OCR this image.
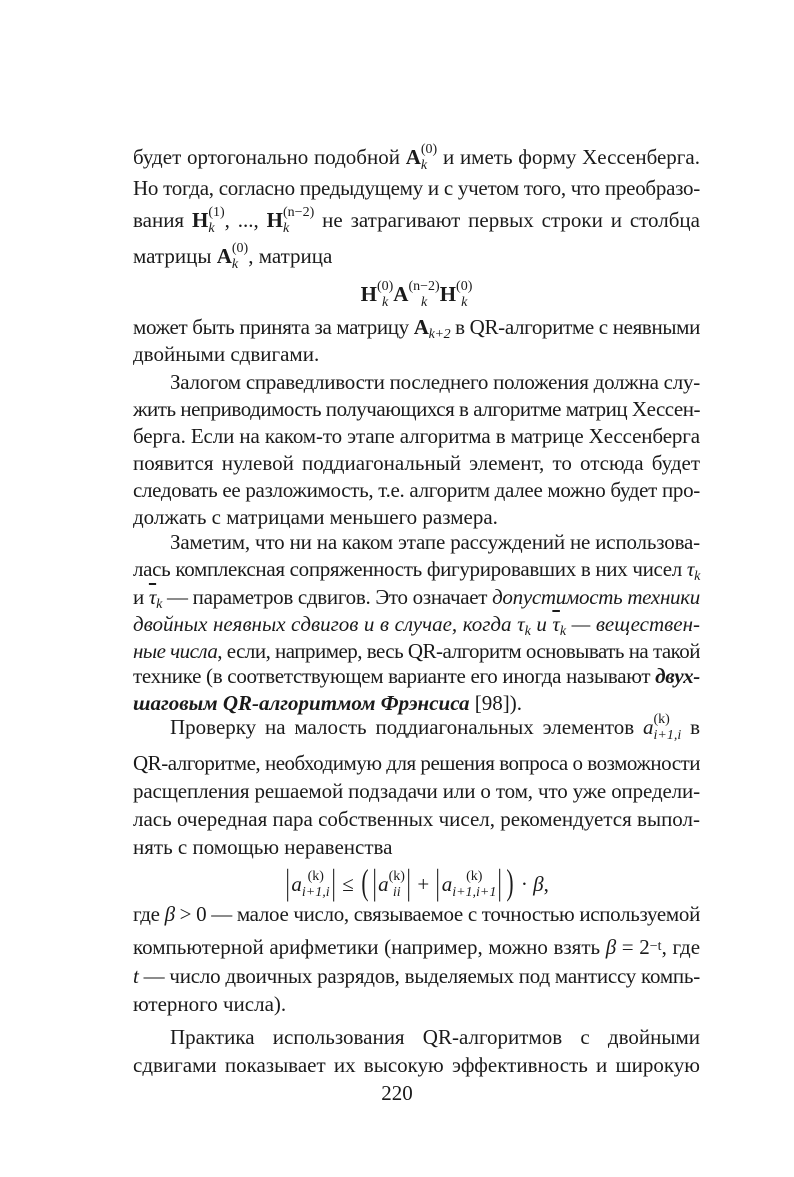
будет ортогонально подобной A (0)
k и иметь форму Хессенберга.
Но тогда, согласно предыдущему и с учетом того, что преобразо-
вания H (1)
k , ..., H (n−2)
k	не затрагивают первых строки и столбца
матрицы A (0)
k , матрица
H (0)
k A (n−2)
k H (0)
k
может быть принята за матрицу Ak+2 в QR-алгоритме с неявными
двойными сдвигами.
Залогом справедливости последнего положения должна слу-
жить неприводимость получающихся в алгоритме матриц Хессен-
берга. Если на каком-то этапе алгоритма в матрице Хессенберга
появится нулевой поддиагональный элемент, то отсюда будет
следовать ее разложимость, т.е. алгоритм далее можно будет про-
должать с матрицами меньшего размера.
Заметим, что ни на каком этапе рассуждений не использова-
лась комплексная сопряженность фигурировавших в них чисел τk
и $\overline{\tau}k$ — параметров сдвигов. Это означает допустимость техники
двойных неявных сдвигов и в случае, когда τk и $\overline{\tau}k$ — веществен-
ные числа, если, например, весь QR-алгоритм основывать на такой
технике (в соответствующем варианте его иногда называют двух-
шаговым QR-алгоритмом Фрэнсиса [98]).
Проверку на малость поддиагональных элементов a (k)
i+1,i в
QR-алгоритме, необходимую для решения вопроса о возможности
расщепления решаемой подзадачи или о том, что уже определи-
лась очередная пара собственных чисел, рекомендуется выпол-
нять с помощью неравенства
|a (k)
i+1,i | ≤ ( |a (k)
ii | + |a (k)
i+1,i+1 | ) · β,
где β > 0 — малое число, связываемое с точностью используемой
компьютерной арифметики (например, можно взять β = 2 −t , где
t — число двоичных разрядов, выделяемых под мантиссу компь-
ютерного числа).
Практика использования QR-алгоритмов с двойными
сдвигами показывает их высокую эффективность и широкую
220
